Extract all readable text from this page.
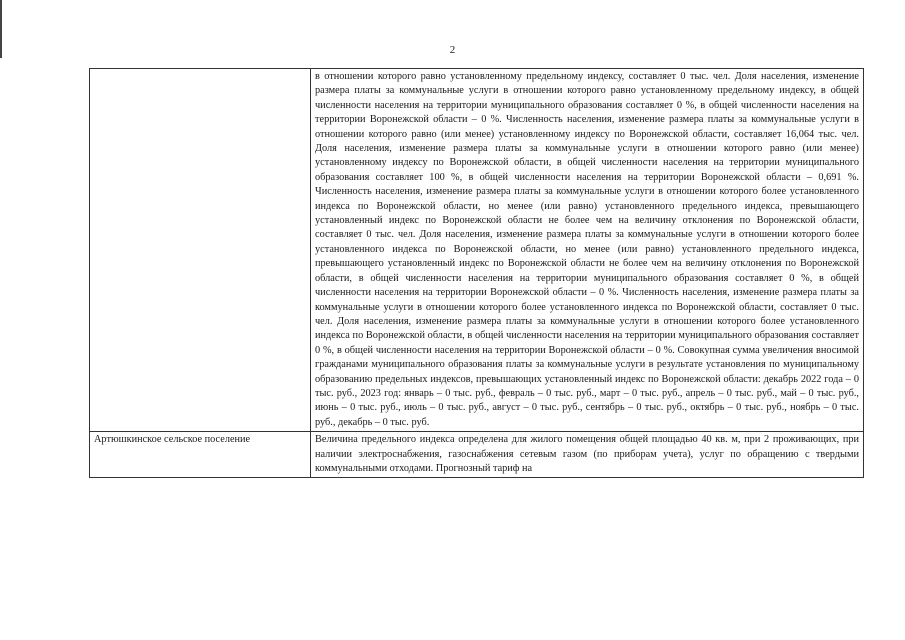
2
	в отношении которого равно установленному предельному индексу, составляет 0 тыс. чел. Доля населения, изменение размера платы за коммунальные услуги в отношении которого равно установленному предельному индексу, в общей численности населения на территории муниципального образования составляет 0 %, в общей численности населения на территории Воронежской области – 0 %. Численность населения, изменение размера платы за коммунальные услуги в отношении которого равно (или менее) установленному индексу по Воронежской области, составляет 16,064 тыс. чел. Доля населения, изменение размера платы за коммунальные услуги в отношении которого равно (или менее) установленному индексу по Воронежской области, в общей численности населения на территории муниципального образования составляет 100 %, в общей численности населения на территории Воронежской области – 0,691 %. Численность населения, изменение размера платы за коммунальные услуги в отношении которого более установленного индекса по Воронежской области, но менее (или равно) установленного предельного индекса, превышающего установленный индекс по Воронежской области не более чем на величину отклонения по Воронежской области, составляет 0 тыс. чел. Доля населения, изменение размера платы за коммунальные услуги в отношении которого более установленного индекса по Воронежской области, но менее (или равно) установленного предельного индекса, превышающего установленный индекс по Воронежской области не более чем на величину отклонения по Воронежской области, в общей численности населения на территории муниципального образования составляет 0 %, в общей численности населения на территории Воронежской области – 0 %. Численность населения, изменение размера платы за коммунальные услуги в отношении которого более установленного индекса по Воронежской области, составляет 0 тыс. чел. Доля населения, изменение размера платы за коммунальные услуги в отношении которого более установленного индекса по Воронежской области, в общей численности населения на территории муниципального образования составляет 0 %, в общей численности населения на территории Воронежской области – 0 %. Совокупная сумма увеличения вносимой гражданами муниципального образования платы за коммунальные услуги в результате установления по муниципальному образованию предельных индексов, превышающих установленный индекс по Воронежской области: декабрь 2022 года – 0 тыс. руб., 2023 год: январь – 0 тыс. руб., февраль – 0 тыс. руб., март – 0 тыс. руб., апрель – 0 тыс. руб., май – 0 тыс. руб., июнь – 0 тыс. руб., июль – 0 тыс. руб., август – 0 тыс. руб., сентябрь – 0 тыс. руб., октябрь – 0 тыс. руб., ноябрь – 0 тыс. руб., декабрь – 0 тыс. руб.
Артюшкинское сельское поселение	Величина предельного индекса определена для жилого помещения общей площадью 40 кв. м, при 2 проживающих, при наличии электроснабжения, газоснабжения сетевым газом (по приборам учета), услуг по обращению с твердыми коммунальными отходами. Прогнозный тариф на
